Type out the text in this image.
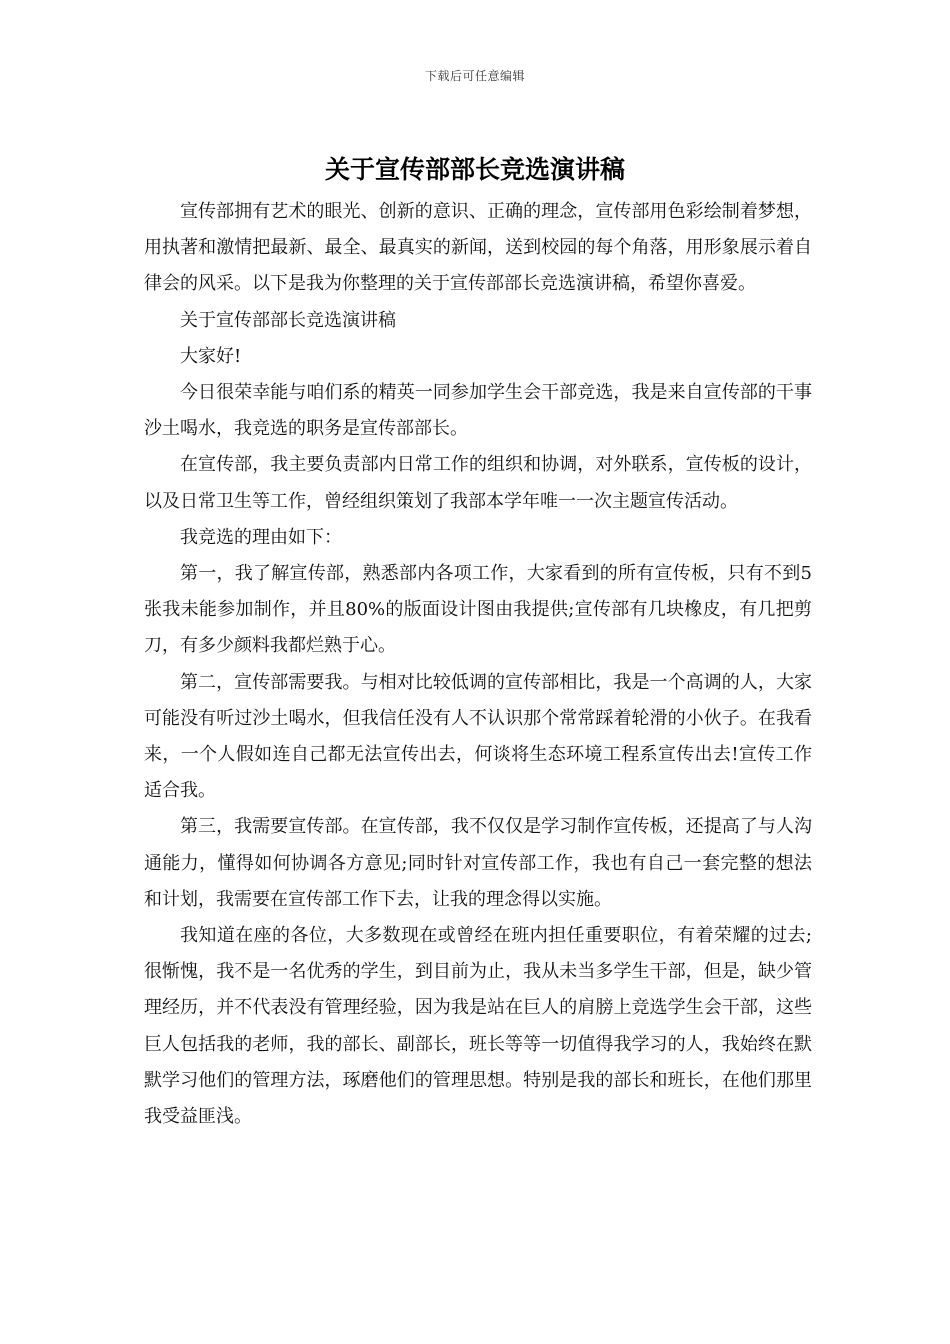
下载后可任意编辑
关于宣传部部长竞选演讲稿

宣传部拥有艺术的眼光、创新的意识、正确的理念，宣传部用色彩绘制着梦想，用执著和激情把最新、最全、最真实的新闻，送到校园的每个角落，用形象展示着自律会的风采。以下是我为你整理的关于宣传部部长竞选演讲稿，希望你喜爱。

关于宣传部部长竞选演讲稿

大家好!

今日很荣幸能与咱们系的精英一同参加学生会干部竞选，我是来自宣传部的干事沙土喝水，我竞选的职务是宣传部部长。

在宣传部，我主要负责部内日常工作的组织和协调，对外联系，宣传板的设计，以及日常卫生等工作，曾经组织策划了我部本学年唯一一次主题宣传活动。

我竞选的理由如下：

第一，我了解宣传部，熟悉部内各项工作，大家看到的所有宣传板，只有不到5张我未能参加制作，并且80%的版面设计图由我提供;宣传部有几块橡皮，有几把剪刀，有多少颜料我都烂熟于心。

第二，宣传部需要我。与相对比较低调的宣传部相比，我是一个高调的人，大家可能没有听过沙土喝水，但我信任没有人不认识那个常常踩着轮滑的小伙子。在我看来，一个人假如连自己都无法宣传出去，何谈将生态环境工程系宣传出去!宣传工作适合我。

第三，我需要宣传部。在宣传部，我不仅仅是学习制作宣传板，还提高了与人沟通能力，懂得如何协调各方意见;同时针对宣传部工作，我也有自己一套完整的想法和计划，我需要在宣传部工作下去，让我的理念得以实施。

我知道在座的各位，大多数现在或曾经在班内担任重要职位，有着荣耀的过去;很惭愧，我不是一名优秀的学生，到目前为止，我从未当多学生干部，但是，缺少管理经历，并不代表没有管理经验，因为我是站在巨人的肩膀上竞选学生会干部，这些巨人包括我的老师，我的部长、副部长，班长等等一切值得我学习的人，我始终在默默学习他们的管理方法，琢磨他们的管理思想。特别是我的部长和班长，在他们那里我受益匪浅。
